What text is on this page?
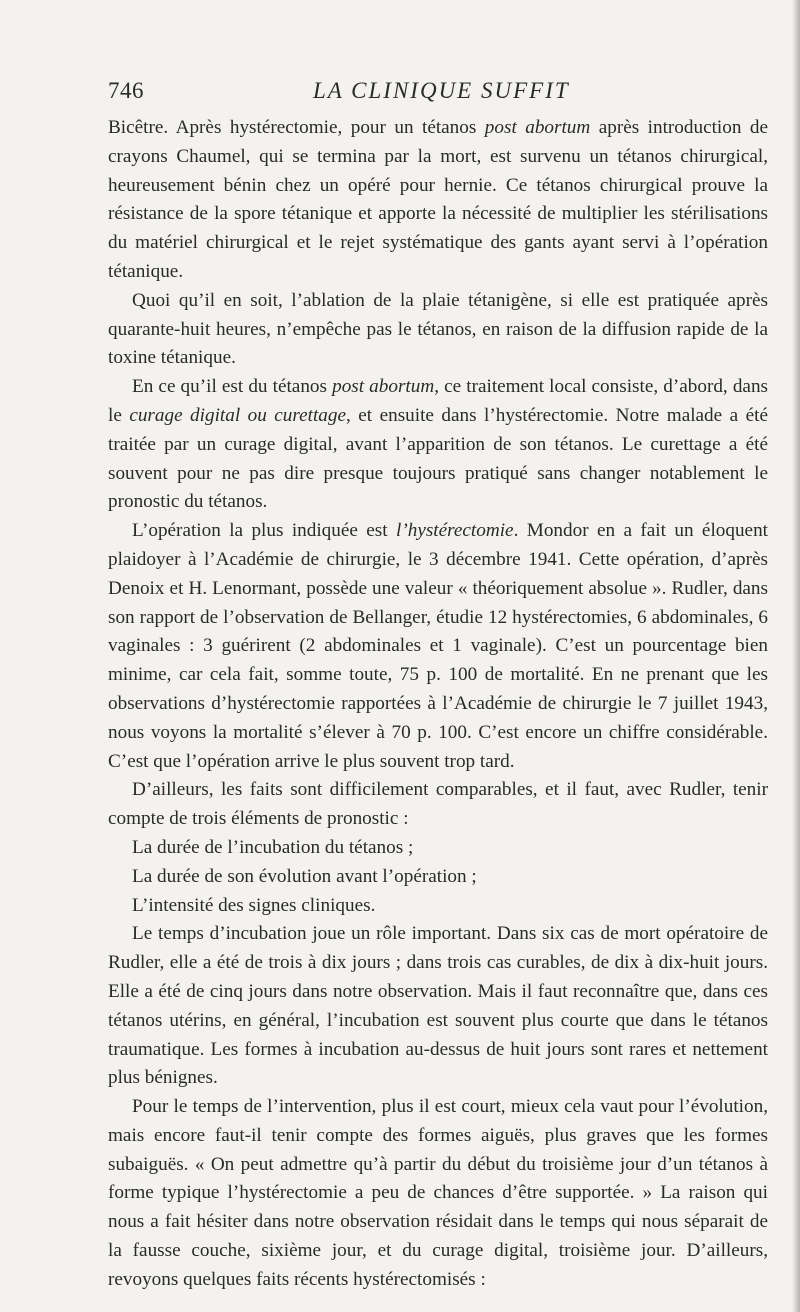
746	LA CLINIQUE SUFFIT

Bicêtre. Après hystérectomie, pour un tétanos post abortum après introduction de crayons Chaumel, qui se termina par la mort, est survenu un tétanos chirurgical, heureusement bénin chez un opéré pour hernie. Ce tétanos chirurgical prouve la résistance de la spore tétanique et apporte la nécessité de multiplier les stérilisations du matériel chirurgical et le rejet systématique des gants ayant servi à l’opération tétanique.

Quoi qu’il en soit, l’ablation de la plaie tétanigène, si elle est pratiquée après quarante-huit heures, n’empêche pas le tétanos, en raison de la diffusion rapide de la toxine tétanique.

En ce qu’il est du tétanos post abortum, ce traitement local consiste, d’abord, dans le curage digital ou curettage, et ensuite dans l’hystérectomie. Notre malade a été traitée par un curage digital, avant l’apparition de son tétanos. Le curettage a été souvent pour ne pas dire presque toujours pratiqué sans changer notablement le pronostic du tétanos.

L’opération la plus indiquée est l’hystérectomie. Mondor en a fait un éloquent plaidoyer à l’Académie de chirurgie, le 3 décembre 1941. Cette opération, d’après Denoix et H. Lenormant, possède une valeur « théoriquement absolue ». Rudler, dans son rapport de l’observation de Bellanger, étudie 12 hystérectomies, 6 abdominales, 6 vaginales : 3 guérirent (2 abdominales et 1 vaginale). C’est un pourcentage bien minime, car cela fait, somme toute, 75 p. 100 de mortalité. En ne prenant que les observations d’hystérectomie rapportées à l’Académie de chirurgie le 7 juillet 1943, nous voyons la mortalité s’élever à 70 p. 100. C’est encore un chiffre considérable. C’est que l’opération arrive le plus souvent trop tard.

D’ailleurs, les faits sont difficilement comparables, et il faut, avec Rudler, tenir compte de trois éléments de pronostic :

La durée de l’incubation du tétanos ;

La durée de son évolution avant l’opération ;

L’intensité des signes cliniques.

Le temps d’incubation joue un rôle important. Dans six cas de mort opératoire de Rudler, elle a été de trois à dix jours ; dans trois cas curables, de dix à dix-huit jours. Elle a été de cinq jours dans notre observation. Mais il faut reconnaître que, dans ces tétanos utérins, en général, l’incubation est souvent plus courte que dans le tétanos traumatique. Les formes à incubation au-dessus de huit jours sont rares et nettement plus bénignes.

Pour le temps de l’intervention, plus il est court, mieux cela vaut pour l’évolution, mais encore faut-il tenir compte des formes aiguës, plus graves que les formes subaiguës. « On peut admettre qu’à partir du début du troisième jour d’un tétanos à forme typique l’hystérectomie a peu de chances d’être supportée. » La raison qui nous a fait hésiter dans notre observation résidait dans le temps qui nous séparait de la fausse couche, sixième jour, et du curage digital, troisième jour. D’ailleurs, revoyons quelques faits récents hystérectomisés :
